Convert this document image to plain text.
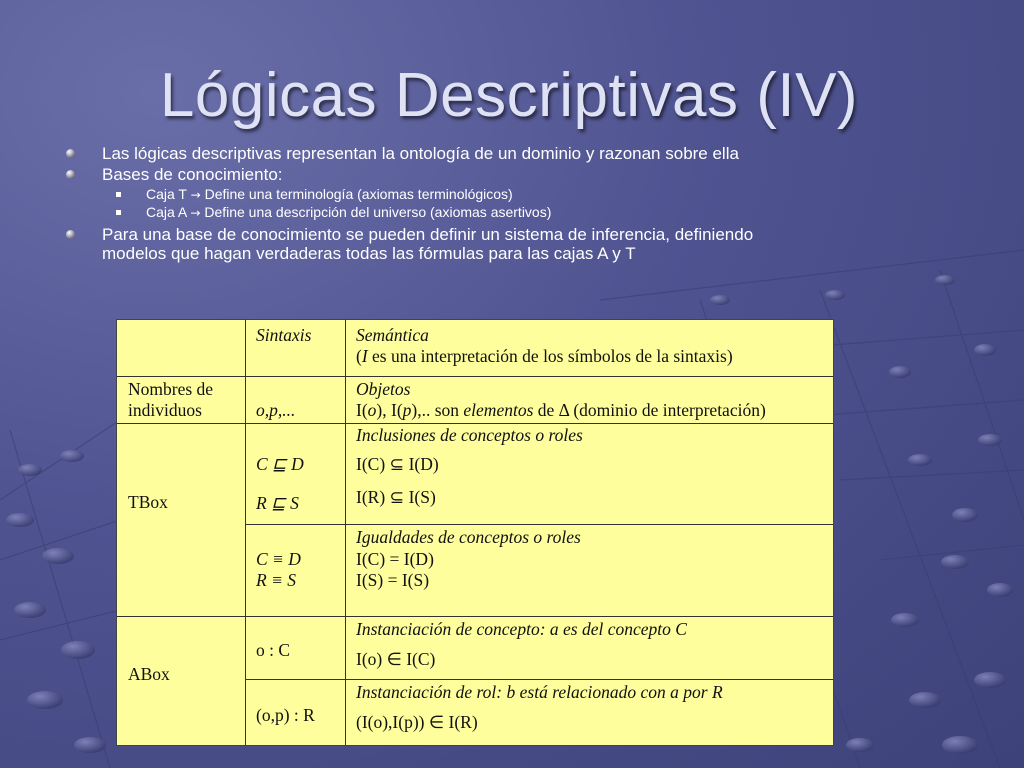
Lógicas Descriptivas (IV)
Las lógicas descriptivas representan la ontología de un dominio y razonan sobre ella
Bases de conocimiento:
Caja T → Define una terminología (axiomas terminológicos)
Caja A → Define una descripción del universo (axiomas asertivos)
Para una base de conocimiento se pueden definir un sistema de inferencia, definiendo
modelos que hagan verdaderas todas las fórmulas para las cajas A y T
Sintaxis	Semántica
(I es una interpretación de los símbolos de la sintaxis)
Nombres de
individuos	o,p,...
Objetos
I(o), I(p),.. son elementos de Δ (dominio de interpretación)
TBox
C ⊑ D
R ⊑ S
Inclusiones de conceptos o roles
I(C) ⊆ I(D)
I(R) ⊆ I(S)
C ≡ D
R ≡ S
Igualdades de conceptos o roles
I(C) = I(D)
I(S) = I(S)
ABox
o : C
Instanciación de concepto: a es del concepto C
I(o) ∈ I(C)
(o,p) : R
Instanciación de rol: b está relacionado con a por R
(I(o),I(p)) ∈ I(R)
